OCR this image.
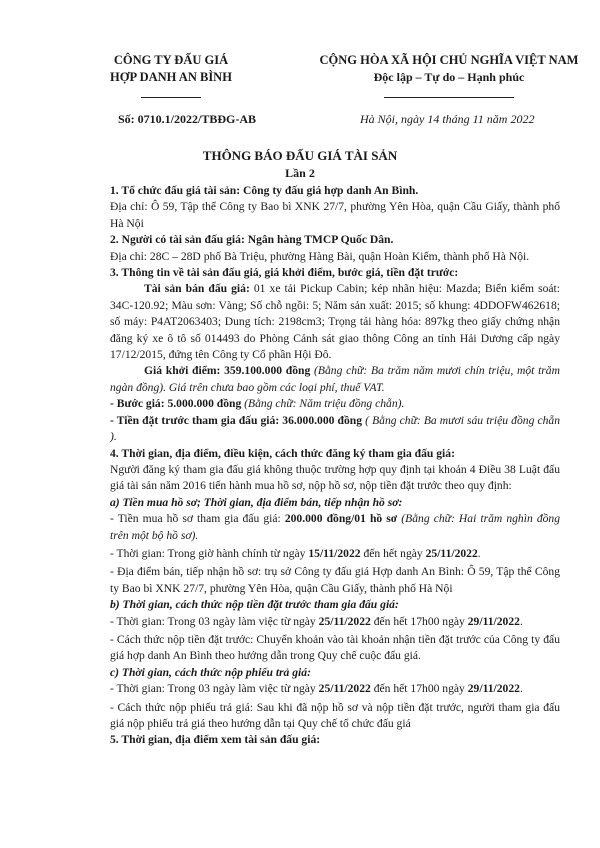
CÔNG TY ĐẤU GIÁ
HỢP DANH AN BÌNH
CỘNG HÒA XÃ HỘI CHỦ NGHĨA VIỆT NAM
Độc lập – Tự do – Hạnh phúc
Số: 0710.1/2022/TBĐG-AB	Hà Nội, ngày 14 tháng 11 năm 2022
THÔNG BÁO ĐẤU GIÁ TÀI SẢN
Lần 2

1. Tổ chức đấu giá tài sản: Công ty đấu giá hợp danh An Bình.

Địa chỉ: Ô 59, Tập thể Công ty Bao bì XNK 27/7, phường Yên Hòa, quận Cầu Giấy, thành phố Hà Nội

2. Người có tài sản đấu giá: Ngân hàng TMCP Quốc Dân.

Địa chỉ: 28C – 28D phố Bà Triệu, phường Hàng Bài, quận Hoàn Kiếm, thành phố Hà Nội.

3. Thông tin về tài sản đấu giá, giá khởi điểm, bước giá, tiền đặt trước:

Tài sản bán đấu giá: 01 xe tải Pickup Cabin; kép nhãn hiệu: Mazda; Biển kiểm soát: 34C-120.92; Màu sơn: Vàng; Số chỗ ngồi: 5; Năm sản xuất: 2015; số khung: 4DDOFW462618; số máy: P4AT2063403; Dung tích: 2198cm3; Trọng tải hàng hóa: 897kg theo giấy chứng nhận đăng ký xe ô tô số 014493 do Phòng Cảnh sát giao thông Công an tỉnh Hải Dương cấp ngày 17/12/2015, đứng tên Công ty Cổ phần Hội Đô.

Giá khởi điểm: 359.100.000 đồng (Bằng chữ: Ba trăm năm mươi chín triệu, một trăm ngàn đồng). Giá trên chưa bao gồm các loại phí, thuế VAT.

- Bước giá: 5.000.000 đồng (Bằng chữ: Năm triệu đồng chẵn).

- Tiền đặt trước tham gia đấu giá: 36.000.000 đồng ( Bằng chữ: Ba mươi sáu triệu đồng chẵn ).

4. Thời gian, địa điểm, điều kiện, cách thức đăng ký tham gia đấu giá:

Người đăng ký tham gia đấu giá không thuộc trường hợp quy định tại khoản 4 Điều 38 Luật đấu giá tài sản năm 2016 tiến hành mua hồ sơ, nộp hồ sơ, nộp tiền đặt trước theo quy định:

a) Tiền mua hồ sơ; Thời gian, địa điểm bán, tiếp nhận hồ sơ:

- Tiền mua hồ sơ tham gia đấu giá: 200.000 đồng/01 hồ sơ (Bằng chữ: Hai trăm nghìn đồng trên một bộ hồ sơ).

- Thời gian: Trong giờ hành chính từ ngày 15/11/2022 đến hết ngày 25/11/2022.

- Địa điểm bán, tiếp nhận hồ sơ: trụ sở Công ty đấu giá Hợp danh An Bình: Ô 59, Tập thể Công ty Bao bì XNK 27/7, phường Yên Hòa, quận Cầu Giấy, thành phố Hà Nội

b) Thời gian, cách thức nộp tiền đặt trước tham gia đấu giá:

- Thời gian: Trong 03 ngày làm việc từ ngày 25/11/2022 đến hết 17h00 ngày 29/11/2022.

- Cách thức nộp tiền đặt trước: Chuyển khoản vào tài khoản nhận tiền đặt trước của Công ty đấu giá hợp danh An Bình theo hướng dẫn trong Quy chế cuộc đấu giá.

c) Thời gian, cách thức nộp phiếu trả giá:

- Thời gian: Trong 03 ngày làm việc từ ngày 25/11/2022 đến hết 17h00 ngày 29/11/2022.

- Cách thức nộp phiếu trả giá: Sau khi đã nộp hồ sơ và nộp tiền đặt trước, người tham gia đấu giá nộp phiếu trả giá theo hướng dẫn tại Quy chế tổ chức đấu giá

5. Thời gian, địa điểm xem tài sản đấu giá:
